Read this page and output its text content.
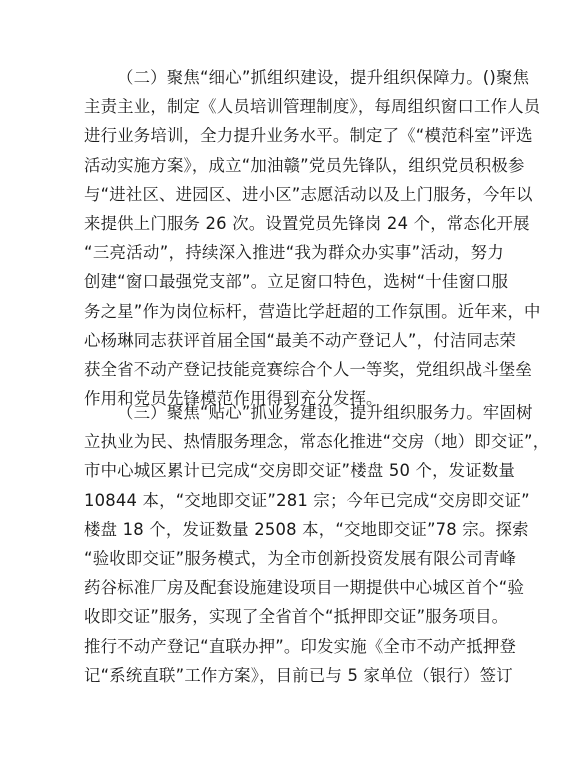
（二）聚焦“细心”抓组织建设，提升组织保障力。()聚焦
主责主业，制定《人员培训管理制度》，每周组织窗口工作人员
进行业务培训，全力提升业务水平。制定了《“模范科室”评选
活动实施方案》，成立“加油赣”党员先锋队，组织党员积极参
与“进社区、进园区、进小区”志愿活动以及上门服务，今年以
来提供上门服务 26 次。设置党员先锋岗 24 个，常态化开展
“三亮活动”，持续深入推进“我为群众办实事”活动，努力
创建“窗口最强党支部”。立足窗口特色，选树“十佳窗口服
务之星”作为岗位标杆，营造比学赶超的工作氛围。近年来，中
心杨琳同志获评首届全国“最美不动产登记人”，付洁同志荣
获全省不动产登记技能竞赛综合个人一等奖，党组织战斗堡垒
作用和党员先锋模范作用得到充分发挥。
（三）聚焦“贴心”抓业务建设，提升组织服务力。牢固树
立执业为民、热情服务理念，常态化推进“交房（地）即交证”，
市中心城区累计已完成“交房即交证”楼盘 50 个，发证数量
10844 本，“交地即交证”281 宗；今年已完成“交房即交证”
楼盘 18 个，发证数量 2508 本，“交地即交证”78 宗。探索
“验收即交证”服务模式，为全市创新投资发展有限公司青峰
药谷标准厂房及配套设施建设项目一期提供中心城区首个“验
收即交证”服务，实现了全省首个“抵押即交证”服务项目。
推行不动产登记“直联办押”。印发实施《全市不动产抵押登
记“系统直联”工作方案》，目前已与 5 家单位（银行）签订
